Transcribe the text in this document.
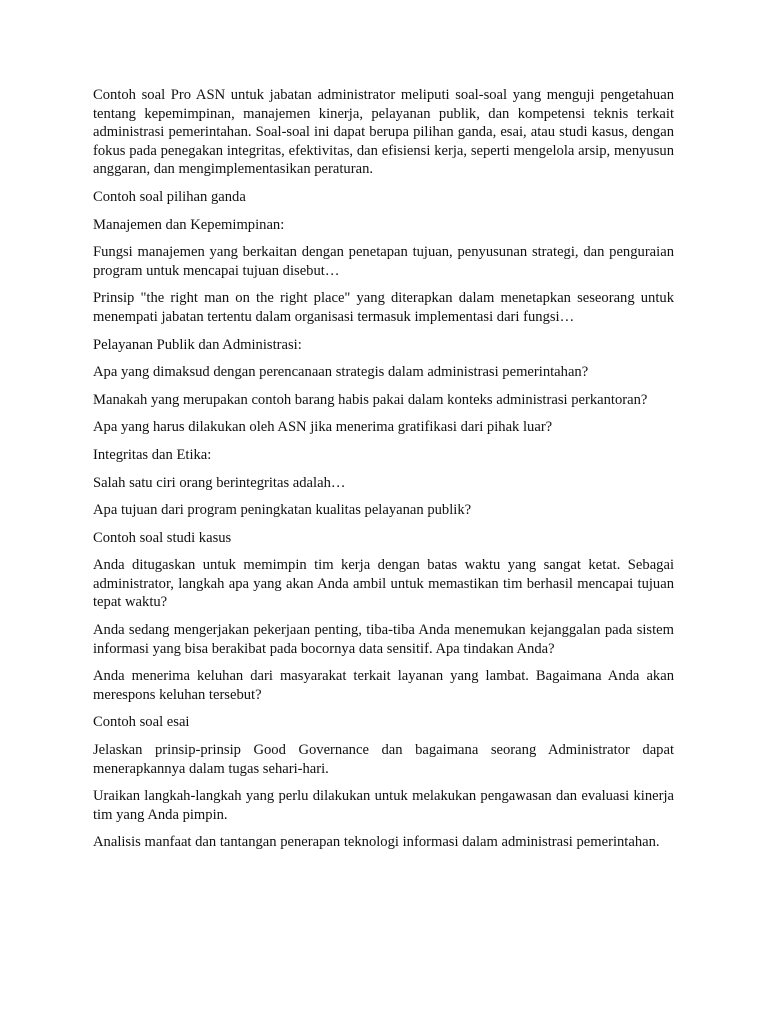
Contoh soal Pro ASN untuk jabatan administrator meliputi soal-soal yang menguji pengetahuan tentang kepemimpinan, manajemen kinerja, pelayanan publik, dan kompetensi teknis terkait administrasi pemerintahan. Soal-soal ini dapat berupa pilihan ganda, esai, atau studi kasus, dengan fokus pada penegakan integritas, efektivitas, dan efisiensi kerja, seperti mengelola arsip, menyusun anggaran, dan mengimplementasikan peraturan.

Contoh soal pilihan ganda

Manajemen dan Kepemimpinan:

Fungsi manajemen yang berkaitan dengan penetapan tujuan, penyusunan strategi, dan penguraian program untuk mencapai tujuan disebut…

Prinsip "the right man on the right place" yang diterapkan dalam menetapkan seseorang untuk menempati jabatan tertentu dalam organisasi termasuk implementasi dari fungsi…

Pelayanan Publik dan Administrasi:

Apa yang dimaksud dengan perencanaan strategis dalam administrasi pemerintahan?

Manakah yang merupakan contoh barang habis pakai dalam konteks administrasi perkantoran?

Apa yang harus dilakukan oleh ASN jika menerima gratifikasi dari pihak luar?

Integritas dan Etika:

Salah satu ciri orang berintegritas adalah…

Apa tujuan dari program peningkatan kualitas pelayanan publik?

Contoh soal studi kasus

Anda ditugaskan untuk memimpin tim kerja dengan batas waktu yang sangat ketat. Sebagai administrator, langkah apa yang akan Anda ambil untuk memastikan tim berhasil mencapai tujuan tepat waktu?

Anda sedang mengerjakan pekerjaan penting, tiba-tiba Anda menemukan kejanggalan pada sistem informasi yang bisa berakibat pada bocornya data sensitif. Apa tindakan Anda?

Anda menerima keluhan dari masyarakat terkait layanan yang lambat. Bagaimana Anda akan merespons keluhan tersebut?

Contoh soal esai

Jelaskan prinsip-prinsip Good Governance dan bagaimana seorang Administrator dapat menerapkannya dalam tugas sehari-hari.

Uraikan langkah-langkah yang perlu dilakukan untuk melakukan pengawasan dan evaluasi kinerja tim yang Anda pimpin.

Analisis manfaat dan tantangan penerapan teknologi informasi dalam administrasi pemerintahan.
